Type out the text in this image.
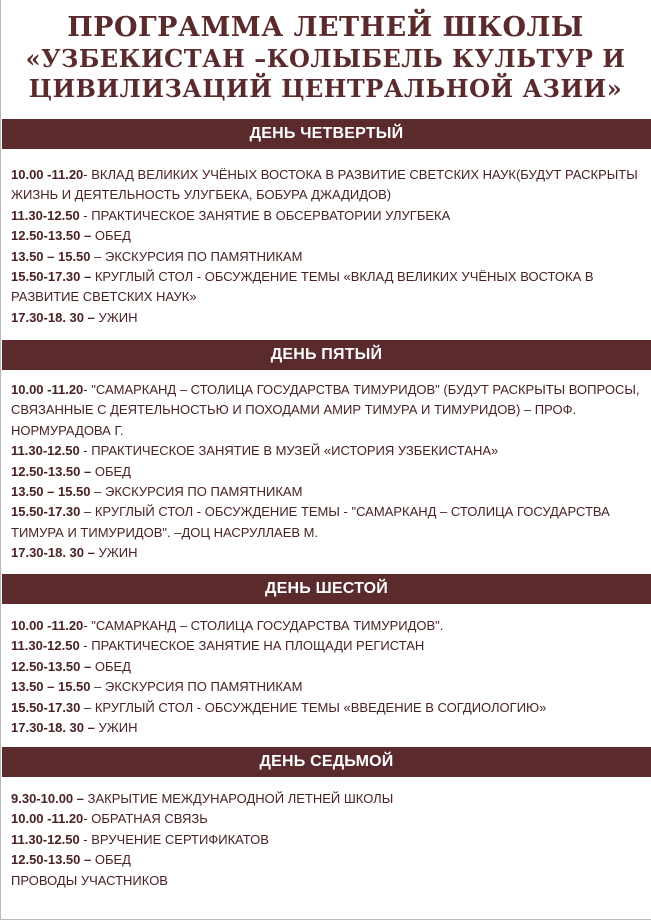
ПРОГРАММА ЛЕТНЕЙ ШКОЛЫ
«УЗБЕКИСТАН –КОЛЫБЕЛЬ КУЛЬТУР И
ЦИВИЛИЗАЦИЙ ЦЕНТРАЛЬНОЙ АЗИИ»
ДЕНЬ ЧЕТВЕРТЫЙ

10.00 -11.20- ВКЛАД ВЕЛИКИХ УЧЁНЫХ ВОСТОКА В РАЗВИТИЕ СВЕТСКИХ НАУК(БУДУТ РАСКРЫТЫ ЖИЗНЬ И ДЕЯТЕЛЬНОСТЬ УЛУГБЕКА, БОБУРА ДЖАДИДОВ)

11.30-12.50 - ПРАКТИЧЕСКОЕ ЗАНЯТИЕ В ОБСЕРВАТОРИИ УЛУГБЕКА

12.50-13.50 – ОБЕД

13.50 – 15.50 – ЭКСКУРСИЯ ПО ПАМЯТНИКАМ

15.50-17.30 – КРУГЛЫЙ СТОЛ - ОБСУЖДЕНИЕ ТЕМЫ «ВКЛАД ВЕЛИКИХ УЧЁНЫХ ВОСТОКА В РАЗВИТИЕ СВЕТСКИХ НАУК»

17.30-18. 30 – УЖИН

ДЕНЬ ПЯТЫЙ

10.00 -11.20- "САМАРКАНД – СТОЛИЦА ГОСУДАРСТВА ТИМУРИДОВ" (БУДУТ РАСКРЫТЫ ВОПРОСЫ, СВЯЗАННЫЕ С ДЕЯТЕЛЬНОСТЬЮ И ПОХОДАМИ АМИР ТИМУРА И ТИМУРИДОВ) – ПРОФ. НОРМУРАДОВА Г.

11.30-12.50 - ПРАКТИЧЕСКОЕ ЗАНЯТИЕ В МУЗЕЙ «ИСТОРИЯ УЗБЕКИСТАНА»

12.50-13.50 – ОБЕД

13.50 – 15.50 – ЭКСКУРСИЯ ПО ПАМЯТНИКАМ

15.50-17.30 – КРУГЛЫЙ СТОЛ - ОБСУЖДЕНИЕ ТЕМЫ - "САМАРКАНД – СТОЛИЦА ГОСУДАРСТВА ТИМУРА И ТИМУРИДОВ". –ДОЦ НАСРУЛЛАЕВ М.

17.30-18. 30 – УЖИН

ДЕНЬ ШЕСТОЙ

10.00 -11.20- "САМАРКАНД – СТОЛИЦА ГОСУДАРСТВА ТИМУРИДОВ".

11.30-12.50 - ПРАКТИЧЕСКОЕ ЗАНЯТИЕ НА ПЛОЩАДИ РЕГИСТАН

12.50-13.50 – ОБЕД

13.50 – 15.50 – ЭКСКУРСИЯ ПО ПАМЯТНИКАМ

15.50-17.30 – КРУГЛЫЙ СТОЛ - ОБСУЖДЕНИЕ ТЕМЫ «ВВЕДЕНИЕ В СОГДИОЛОГИЮ»

17.30-18. 30 – УЖИН

ДЕНЬ СЕДЬМОЙ

9.30-10.00 – ЗАКРЫТИЕ МЕЖДУНАРОДНОЙ ЛЕТНЕЙ ШКОЛЫ

10.00 -11.20- ОБРАТНАЯ СВЯЗЬ

11.30-12.50 - ВРУЧЕНИЕ СЕРТИФИКАТОВ

12.50-13.50 – ОБЕД

ПРОВОДЫ УЧАСТНИКОВ
